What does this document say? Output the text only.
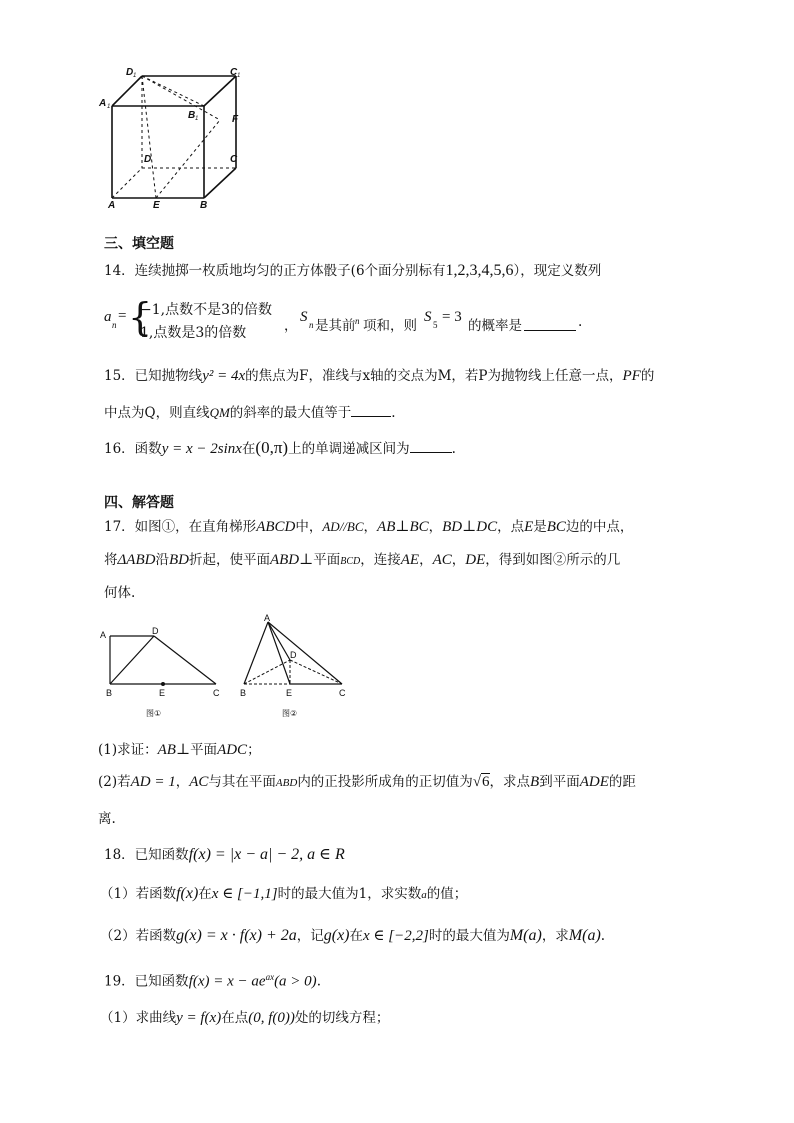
D	C
A
B	F
D	C
A	E	B
1	1
1
1
三、填空题
14．连续抛掷一枚质地均匀的正方体骰子(6个面分别标有1,2,3,4,5,6），现定义数列
a n
= {
−1,点数不是3的倍数
1,点数是3的倍数	，
S n 是其前 n 项和，则
S 5 = 3
的概率是	.
15．已知抛物线y² = 4x的焦点为F，准线与x轴的交点为M，若P为抛物线上任意一点，PF的
中点为Q，则直线QM的斜率的最大值等于	.
16．函数y = x − 2sinx在(0,π)上的单调递减区间为	.
四、解答题
17．如图①，在直角梯形ABCD中，AD//BC，AB⊥BC，BD⊥DC，点E是BC边的中点，
将ΔABD沿BD折起，使平面ABD⊥平面BCD，连接AE，AC，DE，得到如图②所示的几
何体.
A	D
B	E	C
图①
A
D
B	E	C
图②
(1)求证：AB⊥平面ADC；
(2)若AD = 1，AC与其在平面ABD内的正投影所成角的正切值为√6，求点B到平面ADE的距
离.
18．已知函数f(x) = |x − a| − 2, a ∈ R
（1）若函数f(x)在x ∈ [−1,1]时的最大值为1，求实数a的值；
（2）若函数g(x) = x · f(x) + 2a，记g(x)在x ∈ [−2,2]时的最大值为M(a)，求M(a).
19．已知函数$f(x) = x - ae^{ax}(a > 0)$.
（1）求曲线y = f(x)在点(0, f(0))处的切线方程；
